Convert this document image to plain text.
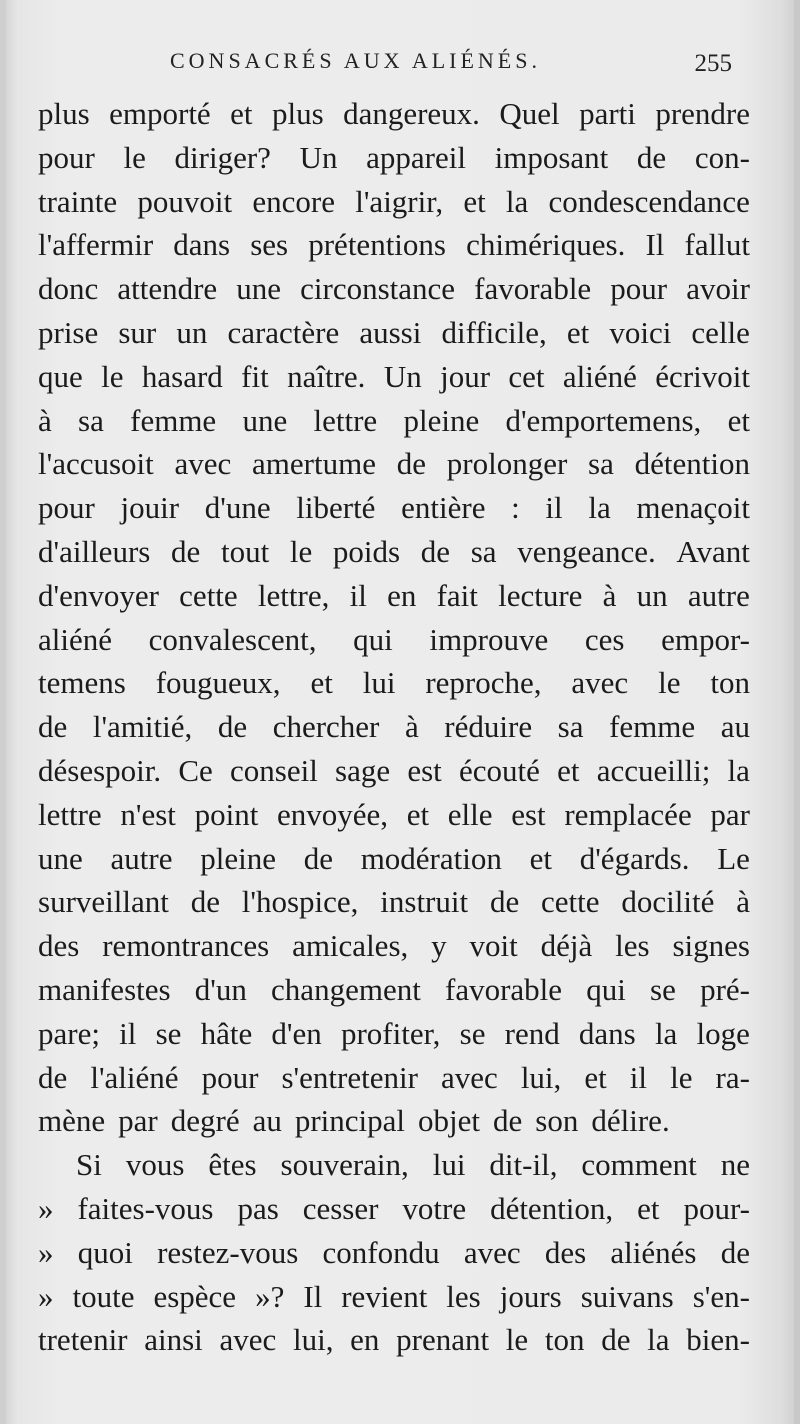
CONSACRÉS AUX ALIÉNÉS.	255
plus emporté et plus dangereux. Quel parti prendre
pour le diriger? Un appareil imposant de con-
trainte pouvoit encore l'aigrir, et la condescendance
l'affermir dans ses prétentions chimériques. Il fallut
donc attendre une circonstance favorable pour avoir
prise sur un caractère aussi difficile, et voici celle
que le hasard fit naître. Un jour cet aliéné écrivoit
à sa femme une lettre pleine d'emportemens, et
l'accusoit avec amertume de prolonger sa détention
pour jouir d'une liberté entière : il la menaçoit
d'ailleurs de tout le poids de sa vengeance. Avant
d'envoyer cette lettre, il en fait lecture à un autre
aliéné convalescent, qui improuve ces empor-
temens fougueux, et lui reproche, avec le ton
de l'amitié, de chercher à réduire sa femme au
désespoir. Ce conseil sage est écouté et accueilli; la
lettre n'est point envoyée, et elle est remplacée par
une autre pleine de modération et d'égards. Le
surveillant de l'hospice, instruit de cette docilité à
des remontrances amicales, y voit déjà les signes
manifestes d'un changement favorable qui se pré-
pare; il se hâte d'en profiter, se rend dans la loge
de l'aliéné pour s'entretenir avec lui, et il le ra-
mène par degré au principal objet de son délire.
Si vous êtes souverain, lui dit-il, comment ne
» faites-vous pas cesser votre détention, et pour-
» quoi restez-vous confondu avec des aliénés de
» toute espèce »? Il revient les jours suivans s'en-
tretenir ainsi avec lui, en prenant le ton de la bien-
